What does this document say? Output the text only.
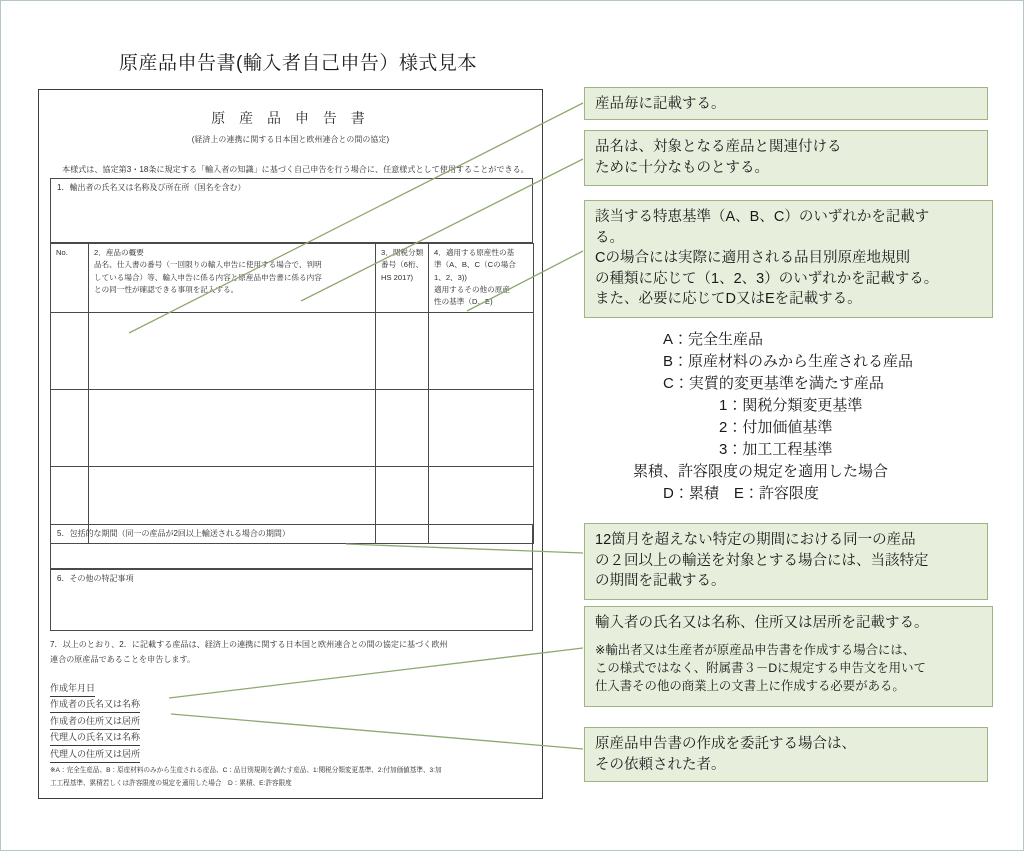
原産品申告書(輸入者自己申告）様式見本
原 産 品 申 告 書
(経済上の連携に関する日本国と欧州連合との間の協定)
本様式は、協定第3・18条に規定する「輸入者の知識」に基づく自己申告を行う場合に、任意様式として使用することができる。
1．輸出者の氏名又は名称及び所在所（国名を含む）
No.	2．産品の概要
品名、仕入書の番号（一回限りの輸入申告に使用する場合で、判明
している場合）等、輸入申告に係る内容と原産品申告書に係る内容
との同一性が確認できる事項を記入する。	3．関税分類
番号（6桁、
HS 2017)	4．適用する原産性の基
準（A、B、C（Cの場合
1、2、3))
適用するその他の原産
性の基準（D、E)

5．包括的な期間（同一の産品が2回以上輸送される場合の期間）
6．その他の特記事項
7．以上のとおり、2．に記載する産品は、経済上の連携に関する日本国と欧州連合との間の協定に基づく欧州
連合の原産品であることを申告します。
作成年月日
作成者の氏名又は名称
作成者の住所又は居所
代理人の氏名又は名称
代理人の住所又は居所
※A：完全生産品、B：原産材料のみから生産される産品、C：品目別規則を満たす産品、1:関税分類変更基準、2:付加価値基準、3:加
工工程基準、累積若しくは許容限度の規定を適用した場合　D：累積、E:許容限度
産品毎に記載する。
品名は、対象となる産品と関連付ける
ために十分なものとする。
該当する特恵基準（A、B、C）のいずれかを記載す
る。
Cの場合には実際に適用される品目別原産地規則
の種類に応じて（1、2、3）のいずれかを記載する。
また、必要に応じてD又はEを記載する。
A：完全生産品
B：原産材料のみから生産される産品
C：実質的変更基準を満たす産品
1：関税分類変更基準
2：付加価値基準
3：加工工程基準
累積、許容限度の規定を適用した場合
D：累積　E：許容限度
12箇月を超えない特定の期間における同一の産品
の２回以上の輸送を対象とする場合には、当該特定
の期間を記載する。
輸入者の氏名又は名称、住所又は居所を記載する。
※輸出者又は生産者が原産品申告書を作成する場合には、
この様式ではなく、附属書３－Dに規定する申告文を用いて
仕入書その他の商業上の文書上に作成する必要がある。
原産品申告書の作成を委託する場合は、
その依頼された者。
